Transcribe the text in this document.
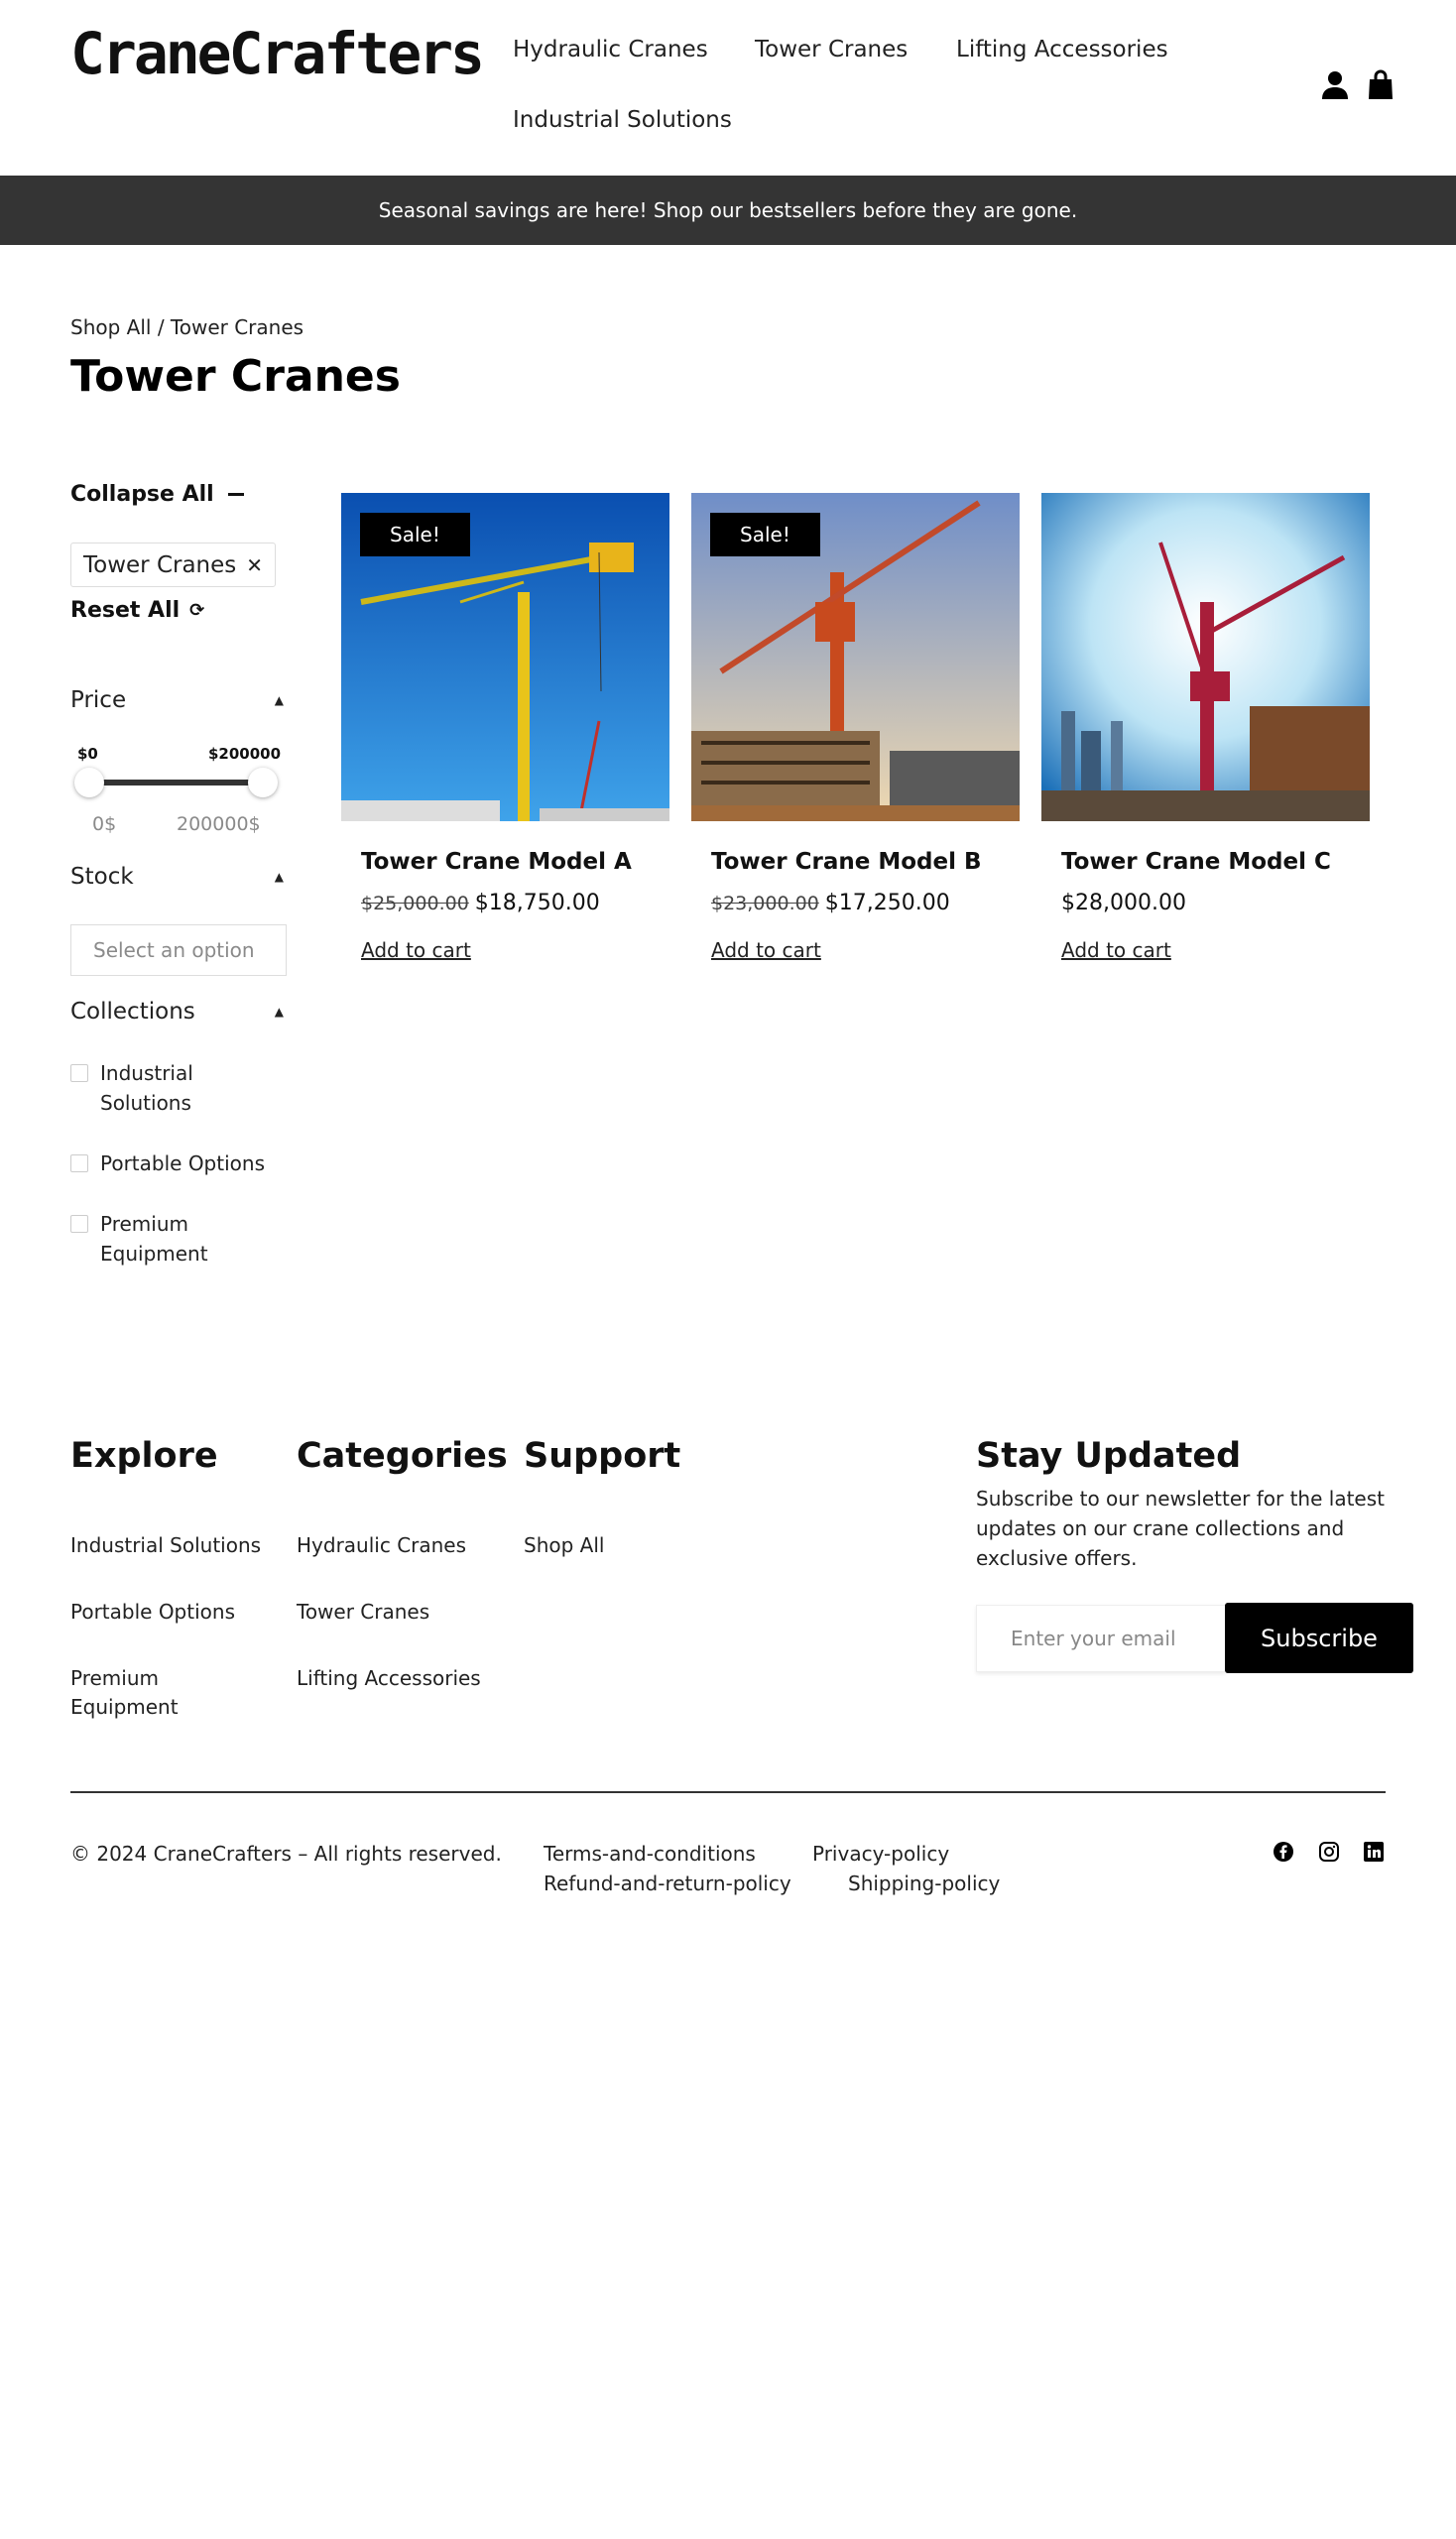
CraneCrafters Hydraulic Cranes Tower Cranes Lifting Accessories
Industrial Solutions
Seasonal savings are here! Shop our bestsellers before they are gone.
Shop All / Tower Cranes
Tower Cranes
Collapse All
Tower Cranes ✕
Reset All ⟳
Price	▲
$0	$200000
0$	200000$
Stock	▲
Select an option
Collections	▲
Industrial Solutions
Portable Options
Premium Equipment
Sale!
Tower Crane Model A
$25,000.00 $18,750.00
Add to cart
Sale!
Tower Crane Model B
$23,000.00 $17,250.00
Add to cart
Tower Crane Model C
$28,000.00
Add to cart
Explore
Industrial Solutions
Portable Options
Premium Equipment
Categories
Hydraulic Cranes
Tower Cranes
Lifting Accessories
Support
Shop All
Stay Updated
Subscribe to our newsletter for the latest updates on our crane collections and exclusive offers.
Enter your email	Subscribe
© 2024 CraneCrafters – All rights reserved. Terms-and-conditions	Privacy-policy
Refund-and-return-policy	Shipping-policy
